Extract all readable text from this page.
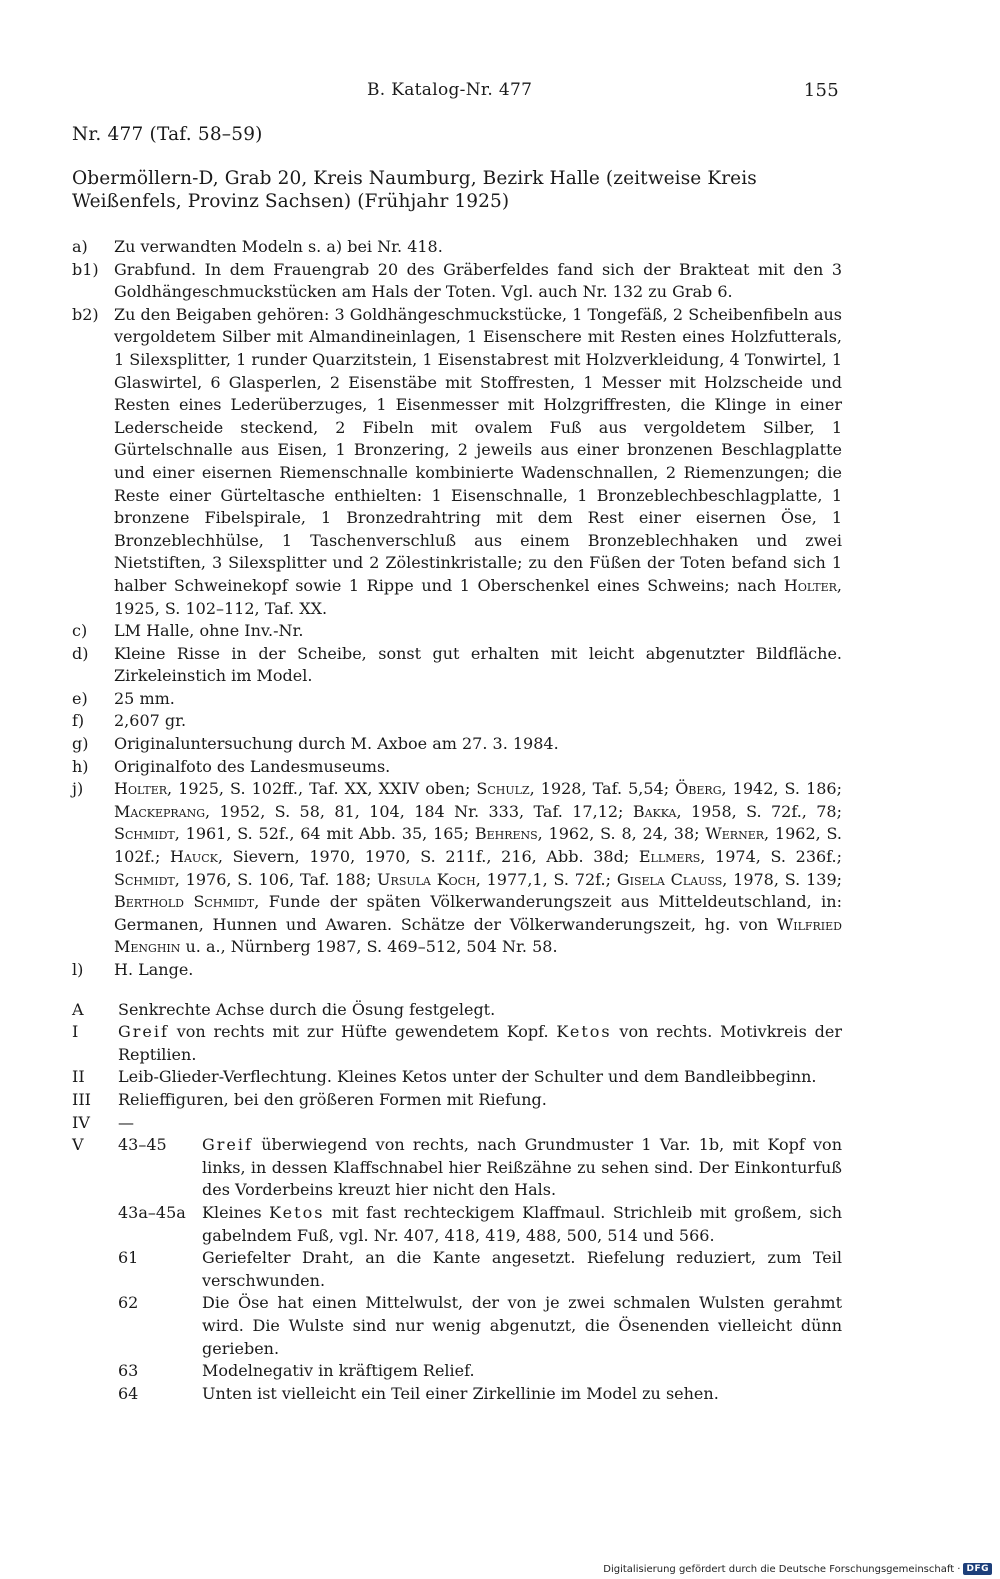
B. Katalog-Nr. 477	155
Nr. 477 (Taf. 58–59)
Obermöllern-D, Grab 20, Kreis Naumburg, Bezirk Halle (zeitweise Kreis Weißenfels, Provinz Sachsen) (Frühjahr 1925)
a)	Zu verwandten Modeln s. a) bei Nr. 418.
b1) Grabfund. In dem Frauengrab 20 des Gräberfeldes fand sich der Brakteat mit den 3 Goldhängeschmuckstücken am Hals der Toten. Vgl. auch Nr. 132 zu Grab 6.
b2) Zu den Beigaben gehören: 3 Goldhängeschmuckstücke, 1 Tongefäß, 2 Scheibenfibeln aus vergoldetem Silber mit Almandineinlagen, 1 Eisenschere mit Resten eines Holzfutterals, 1 Silexsplitter, 1 runder Quarzitstein, 1 Eisenstabrest mit Holzverkleidung, 4 Tonwirtel, 1 Glaswirtel, 6 Glasperlen, 2 Eisenstäbe mit Stoffresten, 1 Messer mit Holzscheide und Resten eines Lederüberzuges, 1 Eisenmesser mit Holzgriffresten, die Klinge in einer Lederscheide steckend, 2 Fibeln mit ovalem Fuß aus vergoldetem Silber, 1 Gürtelschnalle aus Eisen, 1 Bronzering, 2 jeweils aus einer bronzenen Beschlagplatte und einer eisernen Riemenschnalle kombinierte Wadenschnallen, 2 Riemenzungen; die Reste einer Gürteltasche enthielten: 1 Eisenschnalle, 1 Bronzeblechbeschlagplatte, 1 bronzene Fibelspirale, 1 Bronzedrahtring mit dem Rest einer eisernen Öse, 1 Bronzeblechhülse, 1 Taschenverschluß aus einem Bronzeblechhaken und zwei Nietstiften, 3 Silexsplitter und 2 Zölestinkristalle; zu den Füßen der Toten befand sich 1 halber Schweinekopf sowie 1 Rippe und 1 Oberschenkel eines Schweins; nach Holter, 1925, S. 102–112, Taf. XX.
c)	LM Halle, ohne Inv.-Nr.
d)	Kleine Risse in der Scheibe, sonst gut erhalten mit leicht abgenutzter Bildfläche. Zirkeleinstich im Model.
e)	25 mm.
f)	2,607 gr.
g)	Originaluntersuchung durch M. Axboe am 27. 3. 1984.
h)	Originalfoto des Landesmuseums.
j)	Holter, 1925, S. 102ff., Taf. XX, XXIV oben; Schulz, 1928, Taf. 5,54; Öberg, 1942, S. 186; Mackeprang, 1952, S. 58, 81, 104, 184 Nr. 333, Taf. 17,12; Bakka, 1958, S. 72f., 78; Schmidt, 1961, S. 52f., 64 mit Abb. 35, 165; Behrens, 1962, S. 8, 24, 38; Werner, 1962, S. 102f.; Hauck, Sievern, 1970, 1970, S. 211f., 216, Abb. 38d; Ellmers, 1974, S. 236f.; Schmidt, 1976, S. 106, Taf. 188; Ursula Koch, 1977,1, S. 72f.; Gisela Clauss, 1978, S. 139; Berthold Schmidt, Funde der späten Völkerwanderungszeit aus Mitteldeutschland, in: Germanen, Hunnen und Awaren. Schätze der Völkerwanderungszeit, hg. von Wilfried Menghin u. a., Nürnberg 1987, S. 469–512, 504 Nr. 58.
l)	H. Lange.
A	Senkrechte Achse durch die Ösung festgelegt.
I	Greif von rechts mit zur Hüfte gewendetem Kopf. Ketos von rechts. Motivkreis der Reptilien.
II	Leib-Glieder-Verflechtung. Kleines Ketos unter der Schulter und dem Bandleibbeginn.
III	Relieffiguren, bei den größeren Formen mit Riefung.
IV	—
V	43–45	Greif überwiegend von rechts, nach Grundmuster 1 Var. 1b, mit Kopf von links, in dessen Klaffschnabel hier Reißzähne zu sehen sind. Der Einkonturfuß des Vorderbeins kreuzt hier nicht den Hals.
43a–45a	Kleines Ketos mit fast rechteckigem Klaffmaul. Strichleib mit großem, sich gabelndem Fuß, vgl. Nr. 407, 418, 419, 488, 500, 514 und 566.
61	Geriefelter Draht, an die Kante angesetzt. Riefelung reduziert, zum Teil verschwunden.
62	Die Öse hat einen Mittelwulst, der von je zwei schmalen Wulsten gerahmt wird. Die Wulste sind nur wenig abgenutzt, die Ösenenden vielleicht dünn gerieben.
63	Modelnegativ in kräftigem Relief.
64	Unten ist vielleicht ein Teil einer Zirkellinie im Model zu sehen.
Digitalisierung gefördert durch die Deutsche Forschungsgemeinschaft · DFG
